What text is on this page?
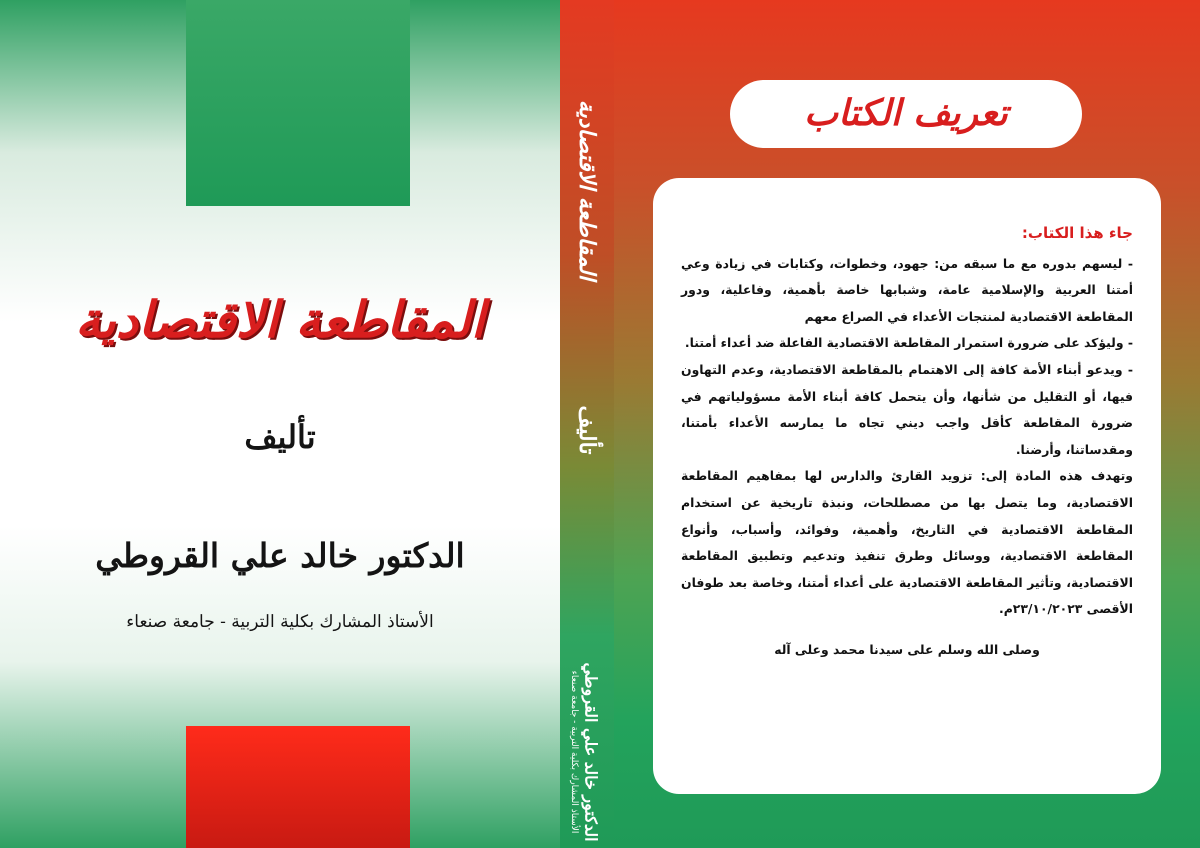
المقاطعة الاقتصادية
تأليف
الدكتور خالد علي القروطي
الأستاذ المشارك بكلية التربية - جامعة صنعاء
المقاطعة الاقتصادية
تأليف
الدكتور خالد علي القروطي
الأستاذ المشارك بكلية التربية - جامعة صنعاء
تعريف الكتاب

جاء هذا الكتاب:

- ليسهم بدوره مع ما سبقه من: جهود، وخطوات، وكتابات في زيادة وعي أمتنا العربية والإسلامية عامة، وشبابها خاصة بأهمية، وفاعلية، ودور المقاطعة الاقتصادية لمنتجات الأعداء في الصراع معهم

- وليؤكد على ضرورة استمرار المقاطعة الاقتصادية الفاعلة ضد أعداء أمتنا.

- ويدعو أبناء الأمة كافة إلى الاهتمام بالمقاطعة الاقتصادية، وعدم التهاون فيها، أو التقليل من شأنها، وأن يتحمل كافة أبناء الأمة مسؤولياتهم في ضرورة المقاطعة كأقل واجب ديني تجاه ما يمارسه الأعداء بأمتنا، ومقدساتنا، وأرضنا.

وتهدف هذه المادة إلى: تزويد القارئ والدارس لها بمفاهيم المقاطعة الاقتصادية، وما يتصل بها من مصطلحات، ونبذة تاريخية عن استخدام المقاطعة الاقتصادية في التاريخ، وأهمية، وفوائد، وأسباب، وأنواع المقاطعة الاقتصادية، ووسائل وطرق تنفيذ وتدعيم وتطبيق المقاطعة الاقتصادية، وتأثير المقاطعة الاقتصادية على أعداء أمتنا، وخاصة بعد طوفان الأقصى ٢٣/١٠/٢٠٢٣م.

وصلى الله وسلم على سيدنا محمد وعلى آله
